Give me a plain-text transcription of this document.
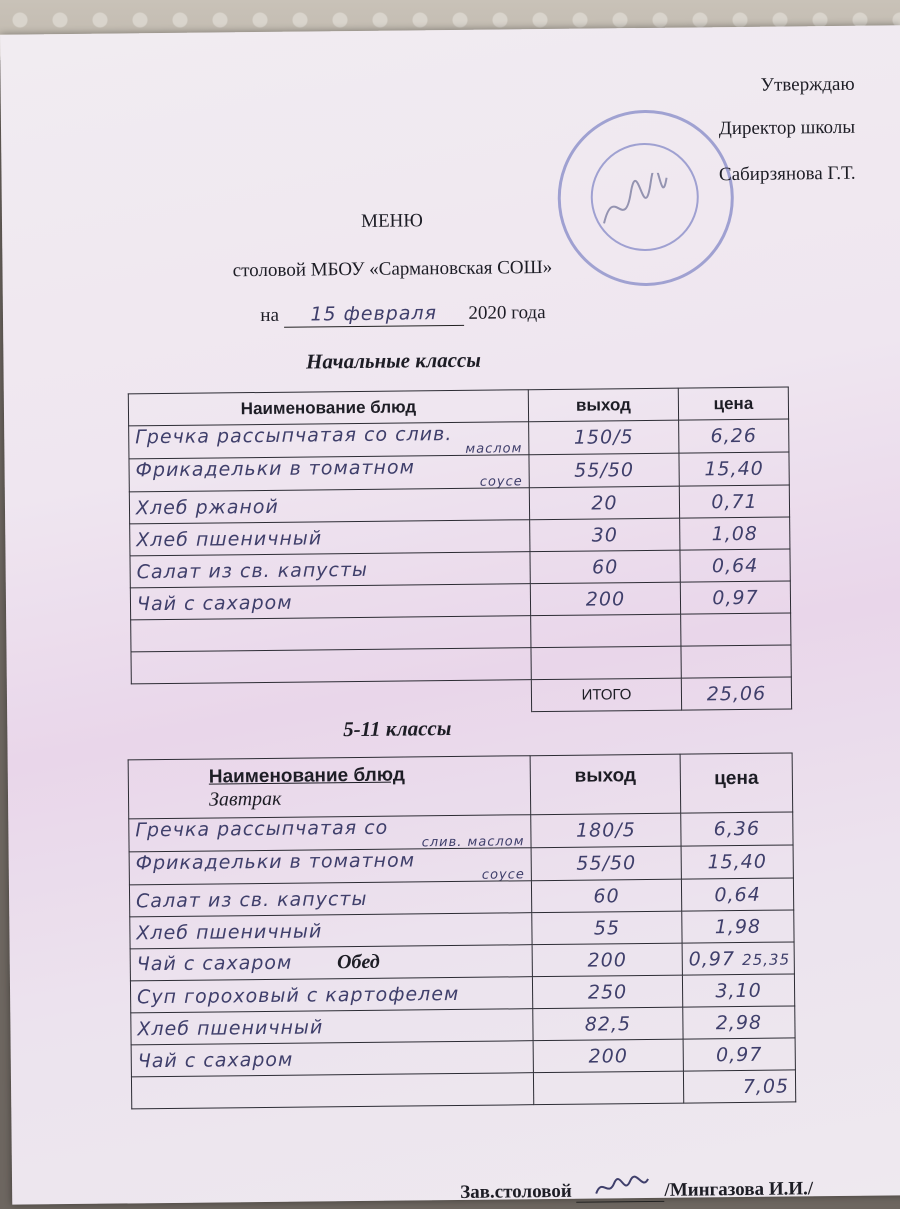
Утверждаю
Директор школы
Сабирзянова Г.Т.
МЕНЮ
столовой МБОУ «Сармановская СОШ»
на 15 февраля 2020 года
Начальные классы
Наименование блюд	выход	цена
Гречка рассыпчатая со слив.
маслом	150/5	6,26
Фрикадельки в томатном
соусе	55/50	15,40
Хлеб ржаной	20	0,71
Хлеб пшеничный	30	1,08
Салат из св. капусты	60	0,64
Чай с сахаром	200	0,97

	ИТОГО	25,06
5-11 классы
Наименование блюд
Завтрак	выход	цена
Гречка рассыпчатая со
слив. маслом	180/5	6,36
Фрикадельки в томатном
соусе	55/50	15,40
Салат из св. капусты	60	0,64
Хлеб пшеничный	55	1,98
Чай с сахаром Обед	200	0,97 25,35
Суп гороховый с картофелем	250	3,10
Хлеб пшеничный	82,5	2,98
Чай с сахаром	200	0,97
		7,05
Зав.столовой	/Мингазова И.И./
